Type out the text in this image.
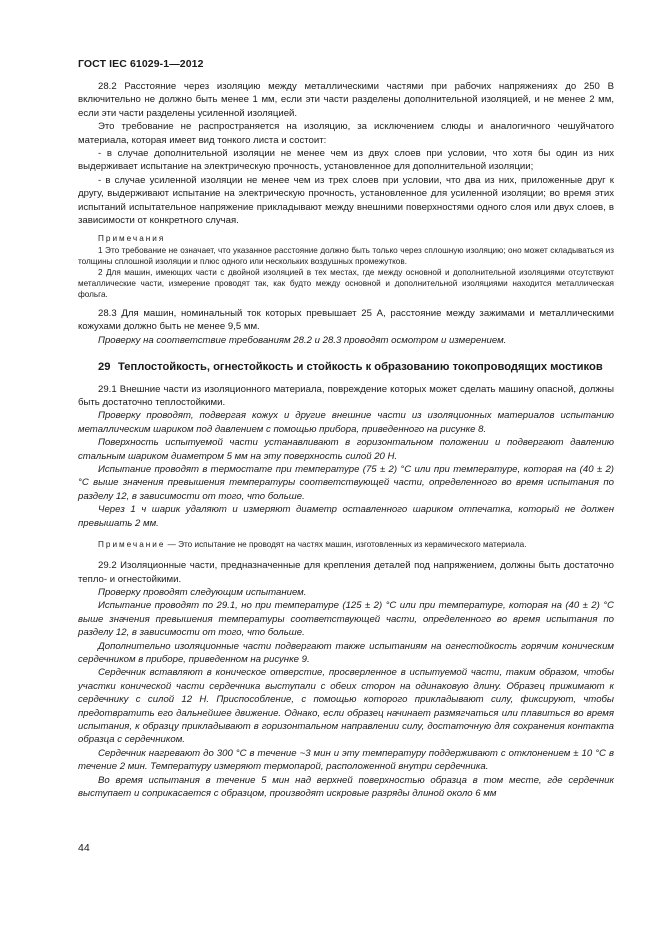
ГОСТ IEC 61029-1—2012

28.2 Расстояние через изоляцию между металлическими частями при рабочих напряжениях до 250 В включительно не должно быть менее 1 мм, если эти части разделены дополнительной изоляцией, и не менее 2 мм, если эти части разделены усиленной изоляцией.

Это требование не распространяется на изоляцию, за исключением слюды и аналогичного чешуйчатого материала, которая имеет вид тонкого листа и состоит:

- в случае дополнительной изоляции не менее чем из двух слоев при условии, что хотя бы один из них выдерживает испытание на электрическую прочность, установленное для дополнительной изоляции;

- в случае усиленной изоляции не менее чем из трех слоев при условии, что два из них, приложенные друг к другу, выдерживают испытание на электрическую прочность, установленное для усиленной изоляции; во время этих испытаний испытательное напряжение прикладывают между внешними поверхностями одного слоя или двух слоев, в зависимости от конкретного случая.

Примечания

1 Это требование не означает, что указанное расстояние должно быть только через сплошную изоляцию; оно может складываться из толщины сплошной изоляции и плюс одного или нескольких воздушных промежутков.

2 Для машин, имеющих части с двойной изоляцией в тех местах, где между основной и дополнительной изоляциями отсутствуют металлические части, измерение проводят так, как будто между основной и дополнительной изоляциями находится металлическая фольга.

28.3 Для машин, номинальный ток которых превышает 25 А, расстояние между зажимами и металлическими кожухами должно быть не менее 9,5 мм.

Проверку на соответствие требованиям 28.2 и 28.3 проводят осмотром и измерением.

29 Теплостойкость, огнестойкость и стойкость к образованию токопроводящих мостиков

29.1 Внешние части из изоляционного материала, повреждение которых может сделать машину опасной, должны быть достаточно теплостойкими.

Проверку проводят, подвергая кожух и другие внешние части из изоляционных материалов испытанию металлическим шариком под давлением с помощью прибора, приведенного на рисунке 8.

Поверхность испытуемой части устанавливают в горизонтальном положении и подвергают давлению стальным шариком диаметром 5 мм на эту поверхность силой 20 Н.

Испытание проводят в термостате при температуре (75 ± 2) °С или при температуре, которая на (40 ± 2) °С выше значения превышения температуры соответствующей части, определенного во время испытания по разделу 12, в зависимости от того, что больше.

Через 1 ч шарик удаляют и измеряют диаметр оставленного шариком отпечатка, который не должен превышать 2 мм.

Примечание — Это испытание не проводят на частях машин, изготовленных из керамического материала.

29.2 Изоляционные части, предназначенные для крепления деталей под напряжением, должны быть достаточно тепло- и огнестойкими.

Проверку проводят следующим испытанием.

Испытание проводят по 29.1, но при температуре (125 ± 2) °С или при температуре, которая на (40 ± 2) °С выше значения превышения температуры соответствующей части, определенного во время испытания по разделу 12, в зависимости от того, что больше.

Дополнительно изоляционные части подвергают также испытаниям на огнестойкость горячим коническим сердечником в приборе, приведенном на рисунке 9.

Сердечник вставляют в коническое отверстие, просверленное в испытуемой части, таким образом, чтобы участки конической части сердечника выступали с обеих сторон на одинаковую длину. Образец прижимают к сердечнику с силой 12 Н. Приспособление, с помощью которого прикладывают силу, фиксируют, чтобы предотвратить его дальнейшее движение. Однако, если образец начинает размягчаться или плавиться во время испытания, к образцу прикладывают в горизонтальном направлении силу, достаточную для сохранения контакта образца с сердечником.

Сердечник нагревают до 300 °С в течение ~3 мин и эту температуру поддерживают с отклонением ± 10 °С в течение 2 мин. Температуру измеряют термопарой, расположенной внутри сердечника.

Во время испытания в течение 5 мин над верхней поверхностью образца в том месте, где сердечник выступает и соприкасается с образцом, производят искровые разряды длиной около 6 мм

44
